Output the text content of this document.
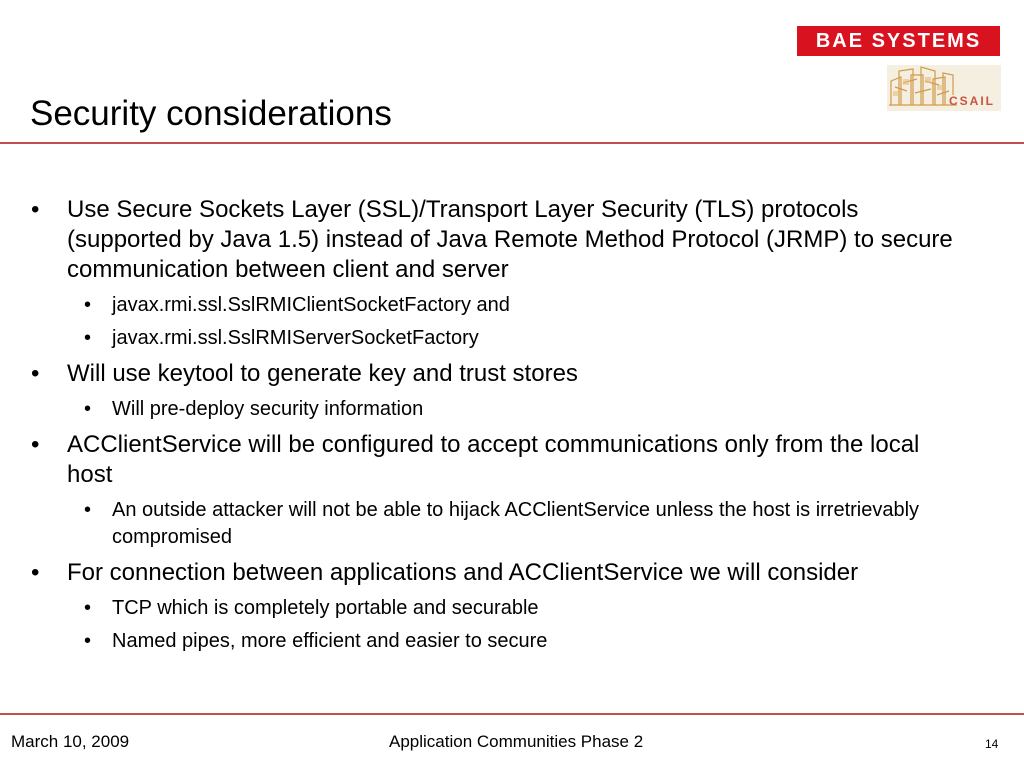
BAE SYSTEMS
CSAIL
Security considerations
• Use Secure Sockets Layer (SSL)/Transport Layer Security (TLS) protocols (supported by Java 1.5) instead of Java Remote Method Protocol (JRMP) to secure communication between client and server
• javax.rmi.ssl.SslRMIClientSocketFactory and
• javax.rmi.ssl.SslRMIServerSocketFactory
• Will use keytool to generate key and trust stores
• Will pre-deploy security information
• ACClientService will be configured to accept communications only from the local host
• An outside attacker will not be able to hijack ACClientService unless the host is irretrievably compromised
• For connection between applications and ACClientService we will consider
• TCP which is completely portable and securable
• Named pipes, more efficient and easier to secure
March 10, 2009	Application Communities Phase 2	14
